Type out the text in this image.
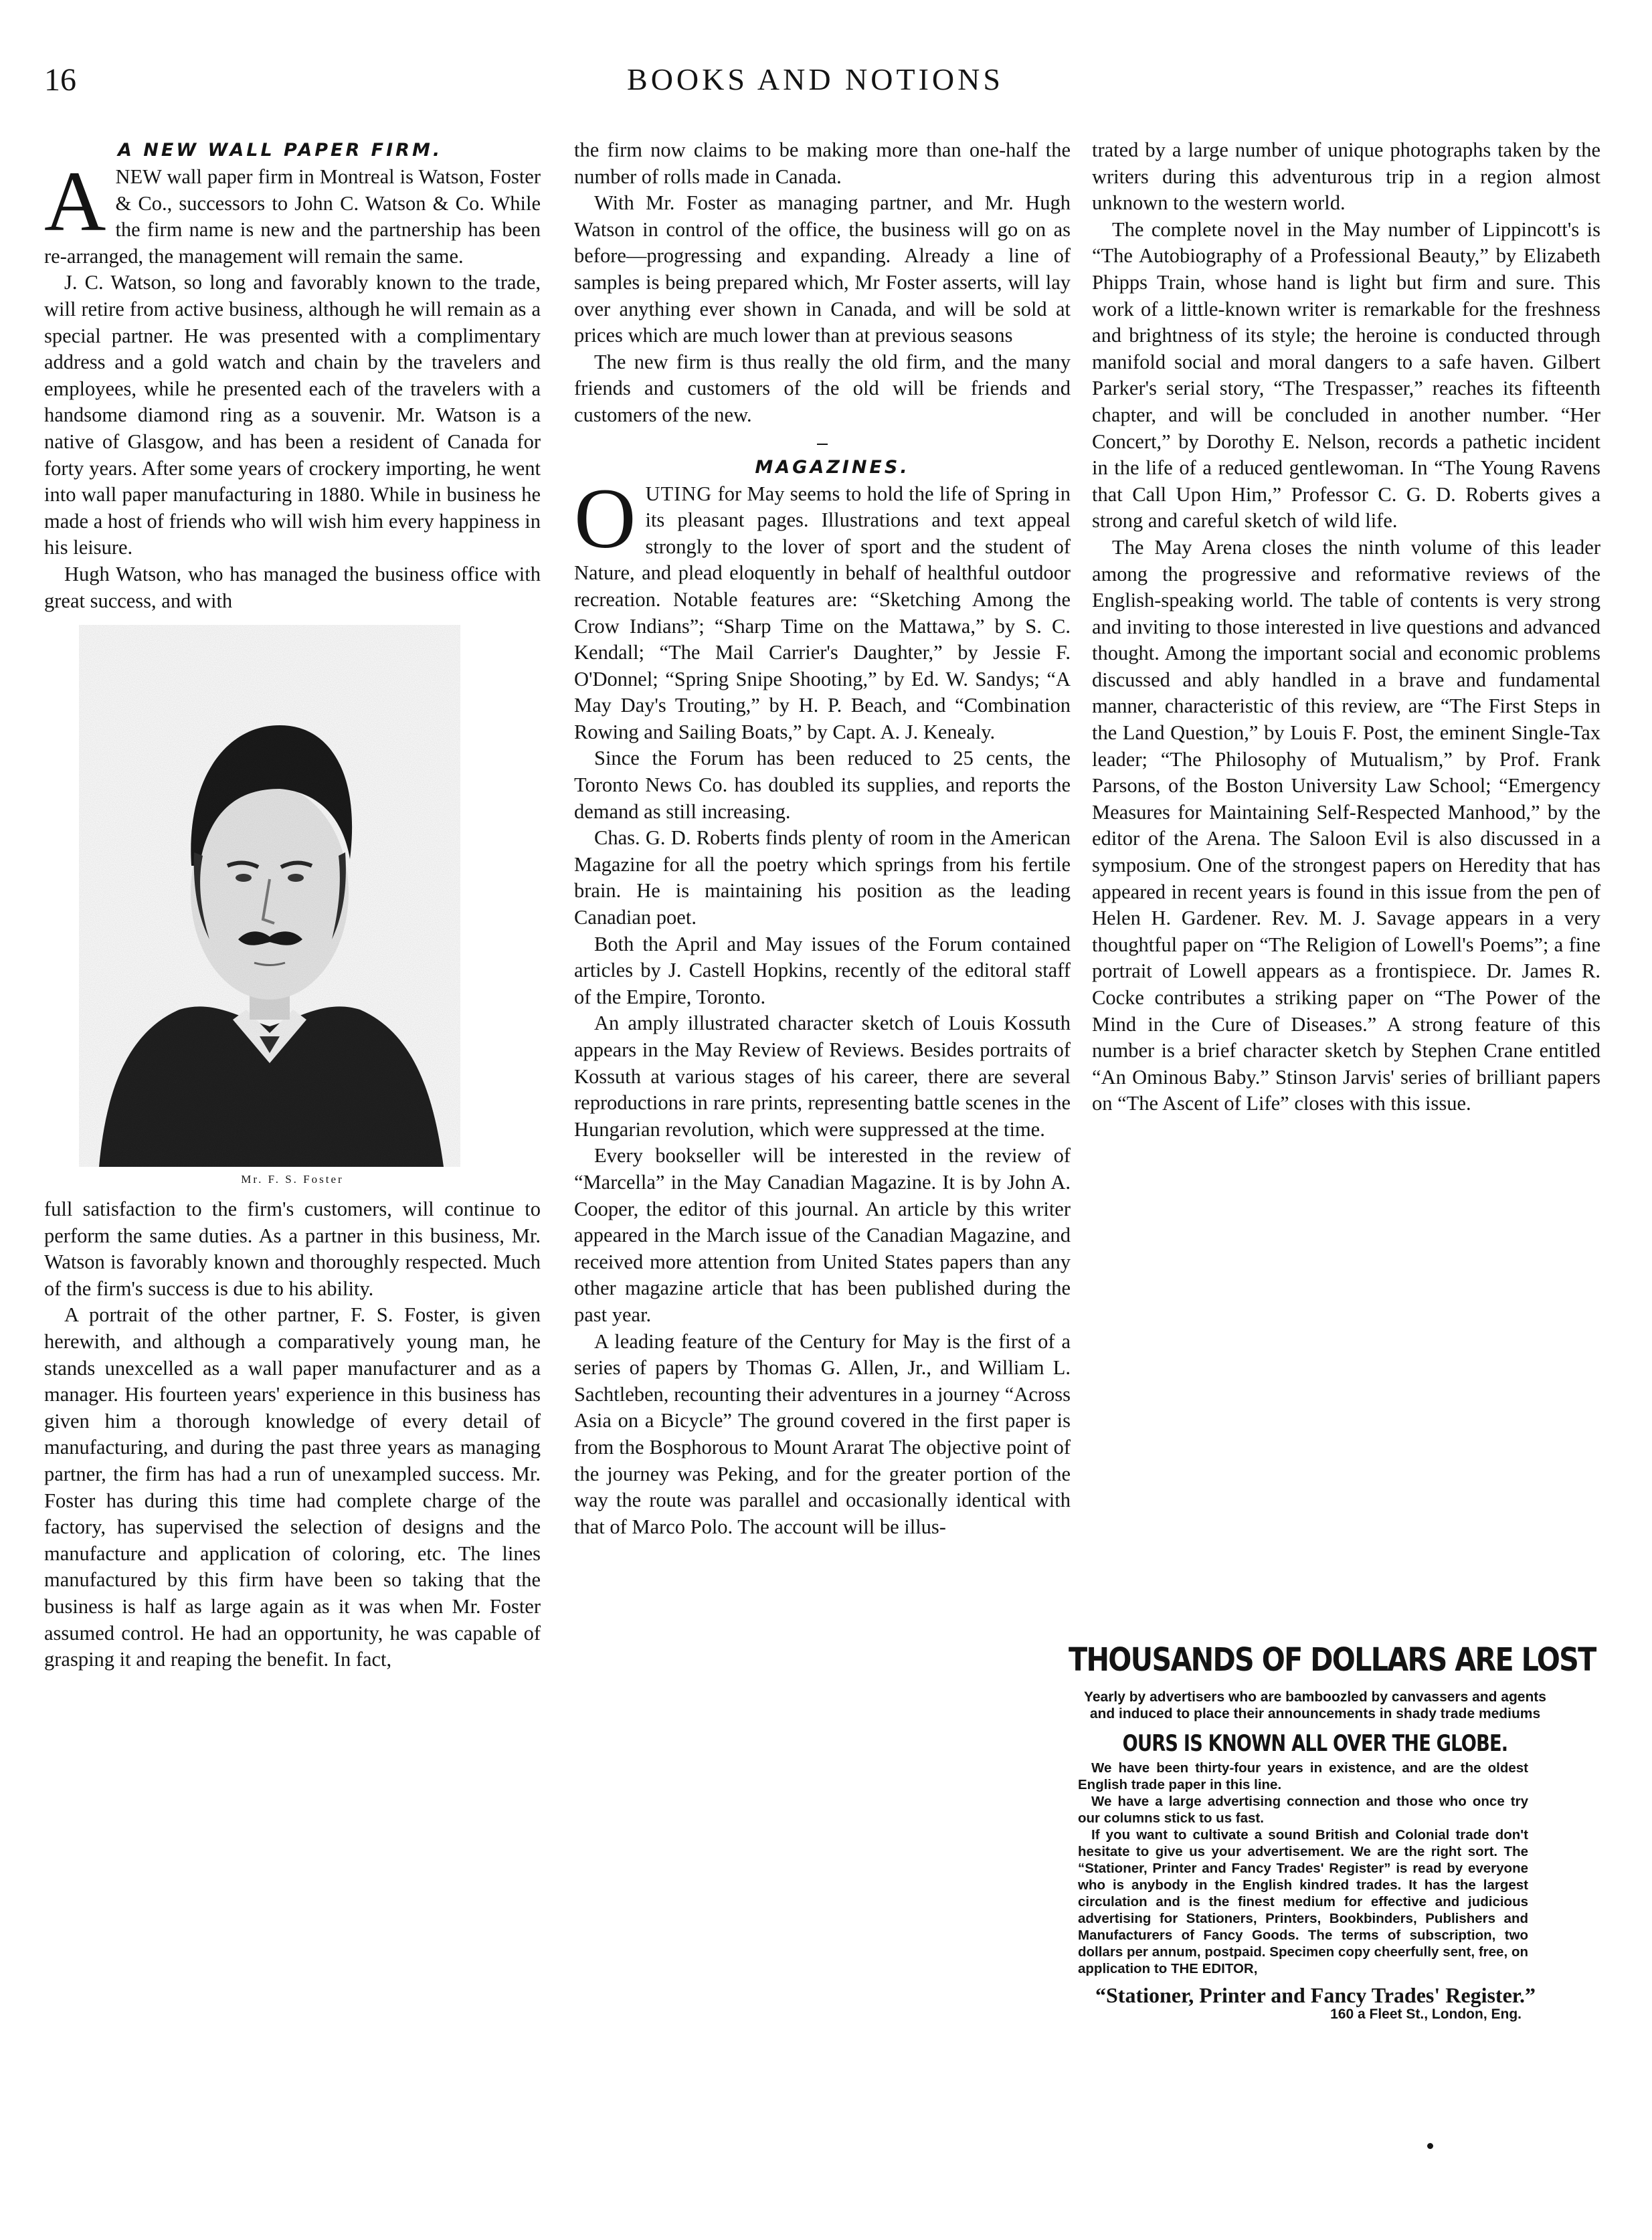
16	BOOKS AND NOTIONS

A NEW WALL PAPER FIRM.

ANEW wall paper firm in Montreal is Watson, Foster & Co., successors to John C. Watson & Co. While the firm name is new and the partnership has been re-arranged, the management will remain the same.

J. C. Watson, so long and favorably known to the trade, will retire from active business, although he will remain as a special partner. He was presented with a complimentary address and a gold watch and chain by the travelers and employees, while he presented each of the travelers with a handsome diamond ring as a souvenir. Mr. Watson is a native of Glasgow, and has been a resident of Canada for forty years. After some years of crockery importing, he went into wall paper manufacturing in 1880. While in business he made a host of friends who will wish him every happiness in his leisure.

Hugh Watson, who has managed the business office with great success, and with

Mr. F. S. Foster

full satisfaction to the firm's customers, will continue to perform the same duties. As a partner in this business, Mr. Watson is favorably known and thoroughly respected. Much of the firm's success is due to his ability.

A portrait of the other partner, F. S. Foster, is given herewith, and although a comparatively young man, he stands unexcelled as a wall paper manufacturer and as a manager. His fourteen years' experience in this business has given him a thorough knowledge of every detail of manufacturing, and during the past three years as managing partner, the firm has had a run of unexampled success. Mr. Foster has during this time had complete charge of the factory, has supervised the selection of designs and the manufacture and application of coloring, etc. The lines manufactured by this firm have been so taking that the business is half as large again as it was when Mr. Foster assumed control. He had an opportunity, he was capable of grasping it and reaping the benefit. In fact,

the firm now claims to be making more than one-half the number of rolls made in Canada.

With Mr. Foster as managing partner, and Mr. Hugh Watson in control of the office, the business will go on as before—progressing and expanding. Already a line of samples is being prepared which, Mr Foster asserts, will lay over anything ever shown in Canada, and will be sold at prices which are much lower than at previous seasons

The new firm is thus really the old firm, and the many friends and customers of the old will be friends and customers of the new.

MAGAZINES.

OUTING for May seems to hold the life of Spring in its pleasant pages. Illustrations and text appeal strongly to the lover of sport and the student of Nature, and plead eloquently in behalf of healthful outdoor recreation. Notable features are: “Sketching Among the Crow Indians”; “Sharp Time on the Mattawa,” by S. C. Kendall; “The Mail Carrier's Daughter,” by Jessie F. O'Donnel; “Spring Snipe Shooting,” by Ed. W. Sandys; “A May Day's Trouting,” by H. P. Beach, and “Combination Rowing and Sailing Boats,” by Capt. A. J. Kenealy.

Since the Forum has been reduced to 25 cents, the Toronto News Co. has doubled its supplies, and reports the demand as still increasing.

Chas. G. D. Roberts finds plenty of room in the American Magazine for all the poetry which springs from his fertile brain. He is maintaining his position as the leading Canadian poet.

Both the April and May issues of the Forum contained articles by J. Castell Hopkins, recently of the editoral staff of the Empire, Toronto.

An amply illustrated character sketch of Louis Kossuth appears in the May Review of Reviews. Besides portraits of Kossuth at various stages of his career, there are several reproductions in rare prints, representing battle scenes in the Hungarian revolution, which were suppressed at the time.

Every bookseller will be interested in the review of “Marcella” in the May Canadian Magazine. It is by John A. Cooper, the editor of this journal. An article by this writer appeared in the March issue of the Canadian Magazine, and received more attention from United States papers than any other magazine article that has been published during the past year.

A leading feature of the Century for May is the first of a series of papers by Thomas G. Allen, Jr., and William L. Sachtleben, recounting their adventures in a journey “Across Asia on a Bicycle” The ground covered in the first paper is from the Bosphorous to Mount Ararat The objective point of the journey was Peking, and for the greater portion of the way the route was parallel and occasionally identical with that of Marco Polo. The account will be illus-

trated by a large number of unique photographs taken by the writers during this adventurous trip in a region almost unknown to the western world.

The complete novel in the May number of Lippincott's is “The Autobiography of a Professional Beauty,” by Elizabeth Phipps Train, whose hand is light but firm and sure. This work of a little-known writer is remarkable for the freshness and brightness of its style; the heroine is conducted through manifold social and moral dangers to a safe haven. Gilbert Parker's serial story, “The Trespasser,” reaches its fifteenth chapter, and will be concluded in another number. “Her Concert,” by Dorothy E. Nelson, records a pathetic incident in the life of a reduced gentlewoman. In “The Young Ravens that Call Upon Him,” Professor C. G. D. Roberts gives a strong and careful sketch of wild life.

The May Arena closes the ninth volume of this leader among the progressive and reformative reviews of the English-speaking world. The table of contents is very strong and inviting to those interested in live questions and advanced thought. Among the important social and economic problems discussed and ably handled in a brave and fundamental manner, characteristic of this review, are “The First Steps in the Land Question,” by Louis F. Post, the eminent Single-Tax leader; “The Philosophy of Mutualism,” by Prof. Frank Parsons, of the Boston University Law School; “Emergency Measures for Maintaining Self-Respected Manhood,” by the editor of the Arena. The Saloon Evil is also discussed in a symposium. One of the strongest papers on Heredity that has appeared in recent years is found in this issue from the pen of Helen H. Gardener. Rev. M. J. Savage appears in a very thoughtful paper on “The Religion of Lowell's Poems”; a fine portrait of Lowell appears as a frontispiece. Dr. James R. Cocke contributes a striking paper on “The Power of the Mind in the Cure of Diseases.” A strong feature of this number is a brief character sketch by Stephen Crane entitled “An Ominous Baby.” Stinson Jarvis' series of brilliant papers on “The Ascent of Life” closes with this issue.

THOUSANDS OF DOLLARS ARE LOST
Yearly by advertisers who are bamboozled by canvassers and agents and induced to place their announcements in shady trade mediums
OURS IS KNOWN ALL OVER THE GLOBE.

We have been thirty-four years in existence, and are the oldest English trade paper in this line.

We have a large advertising connection and those who once try our columns stick to us fast.

If you want to cultivate a sound British and Colonial trade don't hesitate to give us your advertisement. We are the right sort. The “Stationer, Printer and Fancy Trades' Register” is read by everyone who is anybody in the English kindred trades. It has the largest circulation and is the finest medium for effective and judicious advertising for Stationers, Printers, Bookbinders, Publishers and Manufacturers of Fancy Goods. The terms of subscription, two dollars per annum, postpaid. Specimen copy cheerfully sent, free, on application to THE EDITOR,

“Stationer, Printer and Fancy Trades' Register.”
160 a Fleet St., London, Eng.
